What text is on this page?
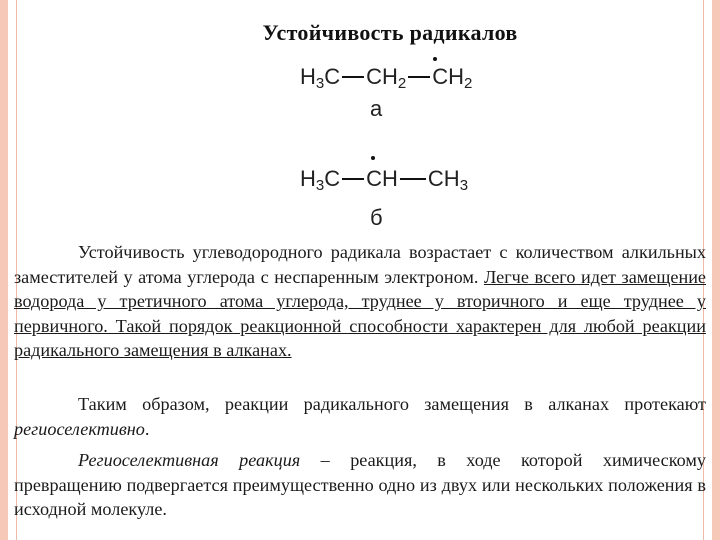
Устойчивость радикалов
$H_3C$ $CH_2$ $CH_2$
а
$H_3C$ CH $CH_3$
б

Устойчивость углеводородного радикала возрастает с количеством алкильных заместителей у атома углерода с неспаренным электроном. Легче всего идет замещение водорода у третичного атома углерода, труднее у вторичного и еще труднее у первичного. Такой порядок реакционной способности характерен для любой реакции радикального замещения в алканах.

Таким образом, реакции радикального замещения в алканах протекают региоселективно.

Региоселективная реакция – реакция, в ходе которой химическому превращению подвергается преимущественно одно из двух или нескольких положения в исходной молекуле.
